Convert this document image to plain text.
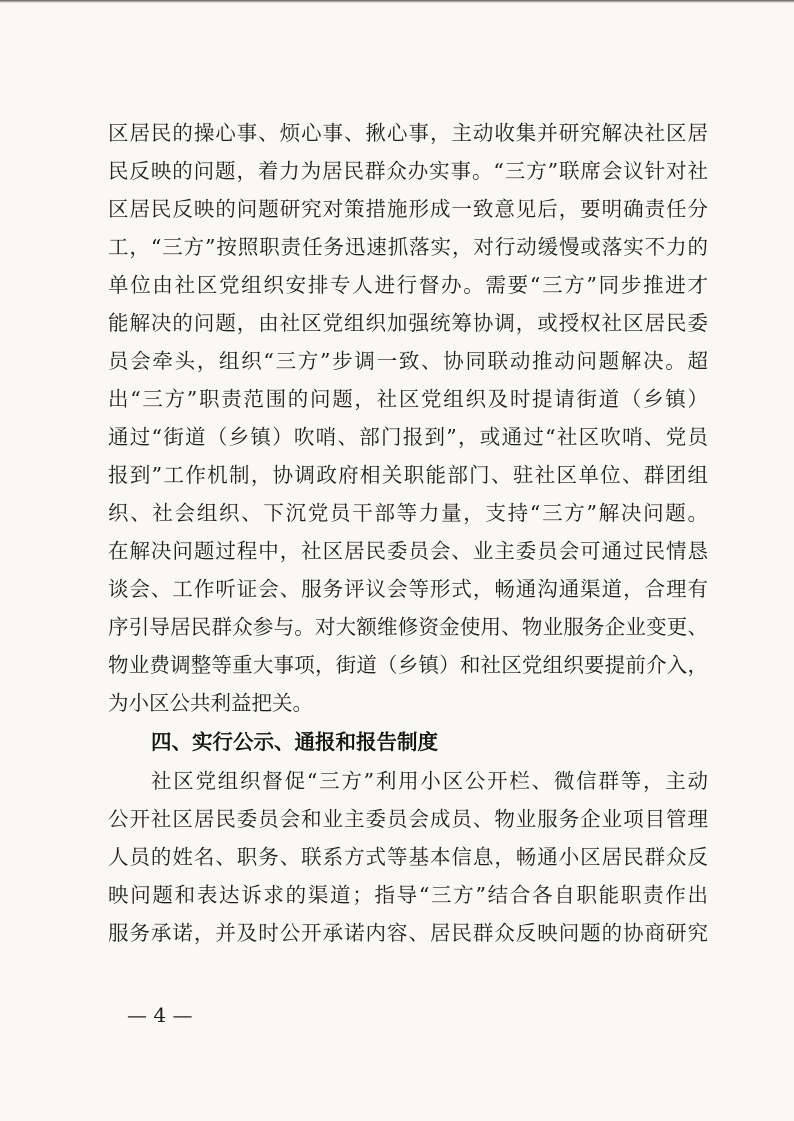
区居民的操心事、烦心事、揪心事，主动收集并研究解决社区居
民反映的问题，着力为居民群众办实事。“三方”联席会议针对社
区居民反映的问题研究对策措施形成一致意见后，要明确责任分
工，“三方”按照职责任务迅速抓落实，对行动缓慢或落实不力的
单位由社区党组织安排专人进行督办。需要“三方”同步推进才
能解决的问题，由社区党组织加强统筹协调，或授权社区居民委
员会牵头，组织“三方”步调一致、协同联动推动问题解决。超
出“三方”职责范围的问题，社区党组织及时提请街道（乡镇）
通过“街道（乡镇）吹哨、部门报到”，或通过“社区吹哨、党员
报到”工作机制，协调政府相关职能部门、驻社区单位、群团组
织、社会组织、下沉党员干部等力量，支持“三方”解决问题。
在解决问题过程中，社区居民委员会、业主委员会可通过民情恳
谈会、工作听证会、服务评议会等形式，畅通沟通渠道，合理有
序引导居民群众参与。对大额维修资金使用、物业服务企业变更、
物业费调整等重大事项，街道（乡镇）和社区党组织要提前介入，
为小区公共利益把关。
四、实行公示、通报和报告制度
社区党组织督促“三方”利用小区公开栏、微信群等，主动
公开社区居民委员会和业主委员会成员、物业服务企业项目管理
人员的姓名、职务、联系方式等基本信息，畅通小区居民群众反
映问题和表达诉求的渠道；指导“三方”结合各自职能职责作出
服务承诺，并及时公开承诺内容、居民群众反映问题的协商研究
— 4 —
